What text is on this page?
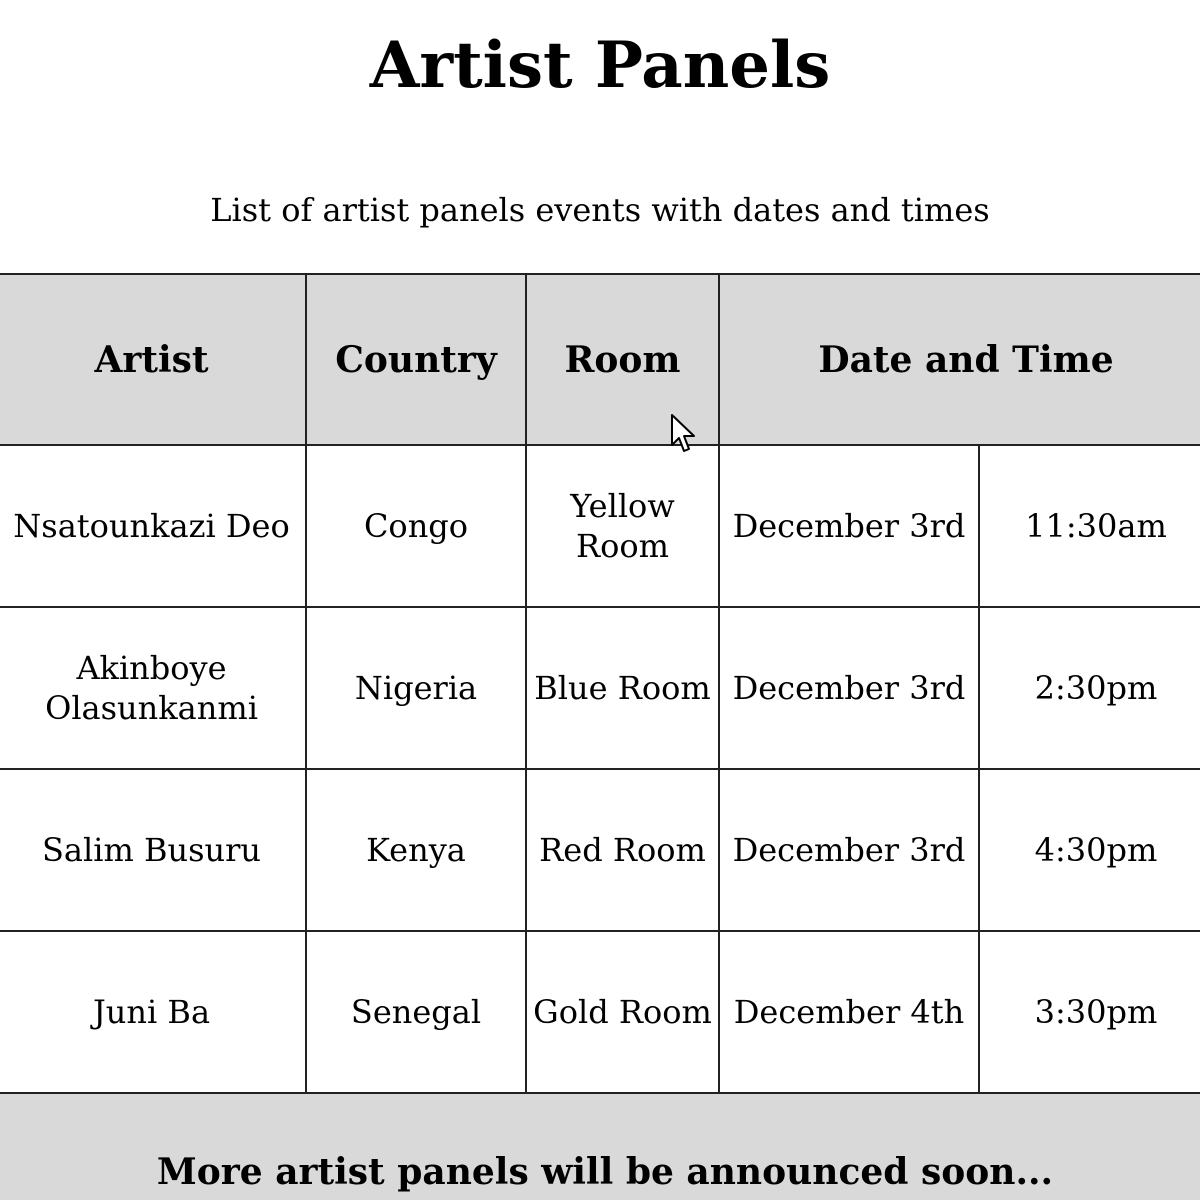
Artist Panels

List of artist panels events with dates and times

Artist	Country	Room	Date and Time	
Nsatounkazi Deo	Congo	Yellow Room	December 3rd	11:30am
Akinboye Olasunkanmi	Nigeria	Blue Room	December 3rd	2:30pm
Salim Busuru	Kenya	Red Room	December 3rd	4:30pm
Juni Ba	Senegal	Gold Room	December 4th	3:30pm
More artist panels will be announced soon...				
